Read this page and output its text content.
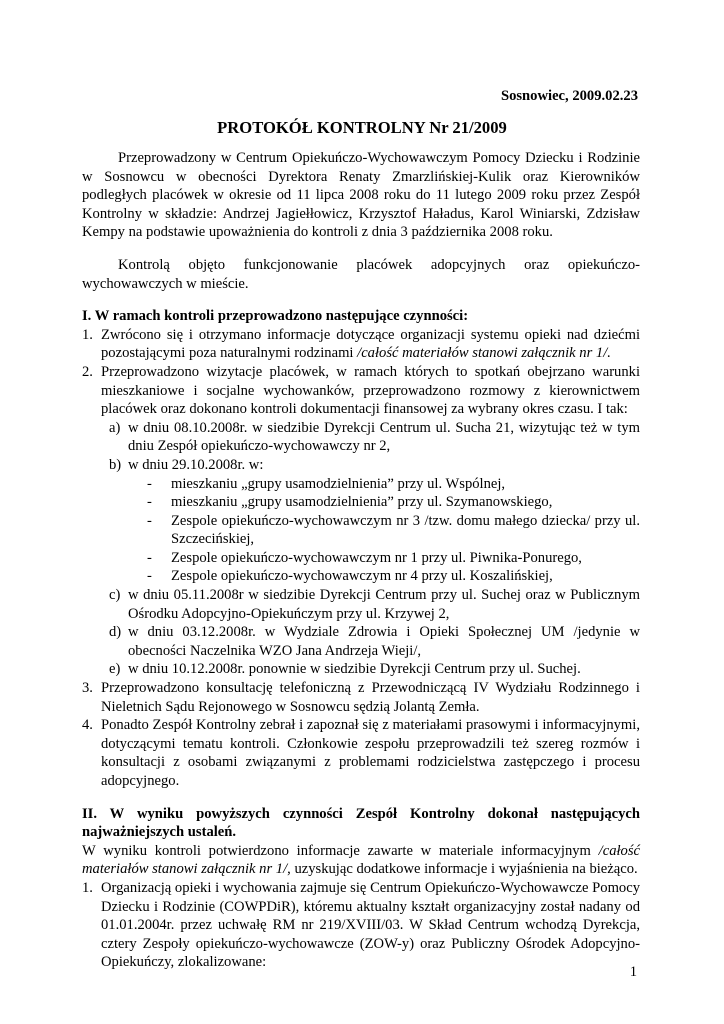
Sosnowiec, 2009.02.23
PROTOKÓŁ KONTROLNY Nr 21/2009

Przeprowadzony w Centrum Opiekuńczo-Wychowawczym Pomocy Dziecku i Rodzinie w Sosnowcu w obecności Dyrektora Renaty Zmarzlińskiej-Kulik oraz Kierowników podległych placówek w okresie od 11 lipca 2008 roku do 11 lutego 2009 roku przez Zespół Kontrolny w składzie: Andrzej Jagiełłowicz, Krzysztof Haładus, Karol Winiarski, Zdzisław Kempy na podstawie upoważnienia do kontroli z dnia 3 października 2008 roku.

Kontrolą objęto funkcjonowanie placówek adopcyjnych oraz opiekuńczo-wychowawczych w mieście.

I. W ramach kontroli przeprowadzono następujące czynności:

1. Zwrócono się i otrzymano informacje dotyczące organizacji systemu opieki nad dziećmi pozostającymi poza naturalnymi rodzinami /całość materiałów stanowi załącznik nr 1/.
2. Przeprowadzono wizytacje placówek, w ramach których to spotkań obejrzano warunki mieszkaniowe i socjalne wychowanków, przeprowadzono rozmowy z kierownictwem placówek oraz dokonano kontroli dokumentacji finansowej za wybrany okres czasu. I tak:
a) w dniu 08.10.2008r. w siedzibie Dyrekcji Centrum ul. Sucha 21, wizytując też w tym dniu Zespół opiekuńczo-wychowawczy nr 2,
b) w dniu 29.10.2008r. w:
- mieszkaniu „grupy usamodzielnienia” przy ul. Wspólnej,
- mieszkaniu „grupy usamodzielnienia” przy ul. Szymanowskiego,
- Zespole opiekuńczo-wychowawczym nr 3 /tzw. domu małego dziecka/ przy ul. Szczecińskiej,
- Zespole opiekuńczo-wychowawczym nr 1 przy ul. Piwnika-Ponurego,
- Zespole opiekuńczo-wychowawczym nr 4 przy ul. Koszalińskiej,
c) w dniu 05.11.2008r w siedzibie Dyrekcji Centrum przy ul. Suchej oraz w Publicznym Ośrodku Adopcyjno-Opiekuńczym przy ul. Krzywej 2,
d) w dniu 03.12.2008r. w Wydziale Zdrowia i Opieki Społecznej UM /jedynie w obecności Naczelnika WZO Jana Andrzeja Wieji/,
e) w dniu 10.12.2008r. ponownie w siedzibie Dyrekcji Centrum przy ul. Suchej.
3. Przeprowadzono konsultację telefoniczną z Przewodniczącą IV Wydziału Rodzinnego i Nieletnich Sądu Rejonowego w Sosnowcu sędzią Jolantą Zemła.
4. Ponadto Zespół Kontrolny zebrał i zapoznał się z materiałami prasowymi i informacyjnymi, dotyczącymi tematu kontroli. Członkowie zespołu przeprowadzili też szereg rozmów i konsultacji z osobami związanymi z problemami rodzicielstwa zastępczego i procesu adopcyjnego.

II. W wyniku powyższych czynności Zespół Kontrolny dokonał następujących najważniejszych ustaleń.

W wyniku kontroli potwierdzono informacje zawarte w materiale informacyjnym /całość materiałów stanowi załącznik nr 1/, uzyskując dodatkowe informacje i wyjaśnienia na bieżąco.

1. Organizacją opieki i wychowania zajmuje się Centrum Opiekuńczo-Wychowawcze Pomocy Dziecku i Rodzinie (COWPDiR), któremu aktualny kształt organizacyjny został nadany od 01.01.2004r. przez uchwałę RM nr 219/XVIII/03. W Skład Centrum wchodzą Dyrekcja, cztery Zespoły opiekuńczo-wychowawcze (ZOW-y) oraz Publiczny Ośrodek Adopcyjno-Opiekuńczy, zlokalizowane:
1
